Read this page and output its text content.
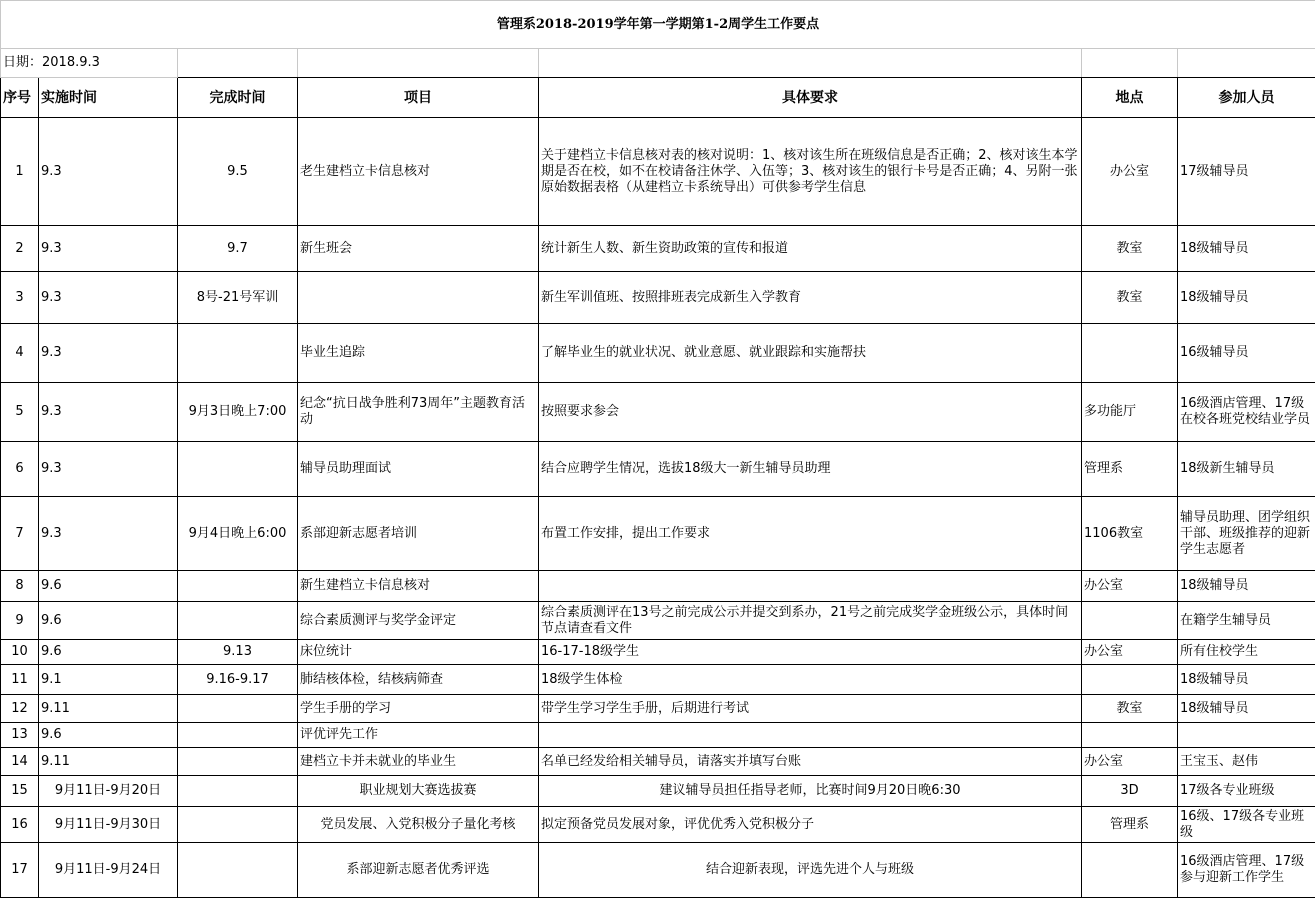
管理系2018-2019学年第一学期第1-2周学生工作要点						
日期：2018.9.3						
序号	实施时间	完成时间	项目	具体要求	地点	参加人员
1	9.3	9.5	老生建档立卡信息核对	关于建档立卡信息核对表的核对说明：1、核对该生所在班级信息是否正确；2、核对该生本学期是否在校，如不在校请备注休学、入伍等；3、核对该生的银行卡号是否正确；4、另附一张原始数据表格（从建档立卡系统导出）可供参考学生信息	办公室	17级辅导员
2	9.3	9.7	新生班会	统计新生人数、新生资助政策的宣传和报道	教室	18级辅导员
3	9.3	8号-21号军训		新生军训值班、按照排班表完成新生入学教育	教室	18级辅导员
4	9.3		毕业生追踪	了解毕业生的就业状况、就业意愿、就业跟踪和实施帮扶		16级辅导员
5	9.3	9月3日晚上7:00	纪念“抗日战争胜利73周年”主题教育活动	按照要求参会	多功能厅	16级酒店管理、17级在校各班党校结业学员
6	9.3		辅导员助理面试	结合应聘学生情况，选拔18级大一新生辅导员助理	管理系	18级新生辅导员
7	9.3	9月4日晚上6:00	系部迎新志愿者培训	布置工作安排，提出工作要求	1106教室	辅导员助理、团学组织干部、班级推荐的迎新学生志愿者
8	9.6		新生建档立卡信息核对		办公室	18级辅导员
9	9.6		综合素质测评与奖学金评定	综合素质测评在13号之前完成公示并提交到系办，21号之前完成奖学金班级公示，具体时间节点请查看文件		在籍学生辅导员
10	9.6	9.13	床位统计	16-17-18级学生	办公室	所有住校学生
11	9.1	9.16-9.17	肺结核体检，结核病筛查	18级学生体检		18级辅导员
12	9.11		学生手册的学习	带学生学习学生手册，后期进行考试	教室	18级辅导员
13	9.6		评优评先工作			
14	9.11		建档立卡并未就业的毕业生	名单已经发给相关辅导员，请落实并填写台账	办公室	王宝玉、赵伟
15	9月11日-9月20日		职业规划大赛选拔赛	建议辅导员担任指导老师，比赛时间9月20日晚6:30	3D	17级各专业班级
16	9月11日-9月30日		党员发展、入党积极分子量化考核	拟定预备党员发展对象，评优优秀入党积极分子	管理系	16级、17级各专业班级
17	9月11日-9月24日		系部迎新志愿者优秀评选	结合迎新表现，评选先进个人与班级		16级酒店管理、17级参与迎新工作学生
